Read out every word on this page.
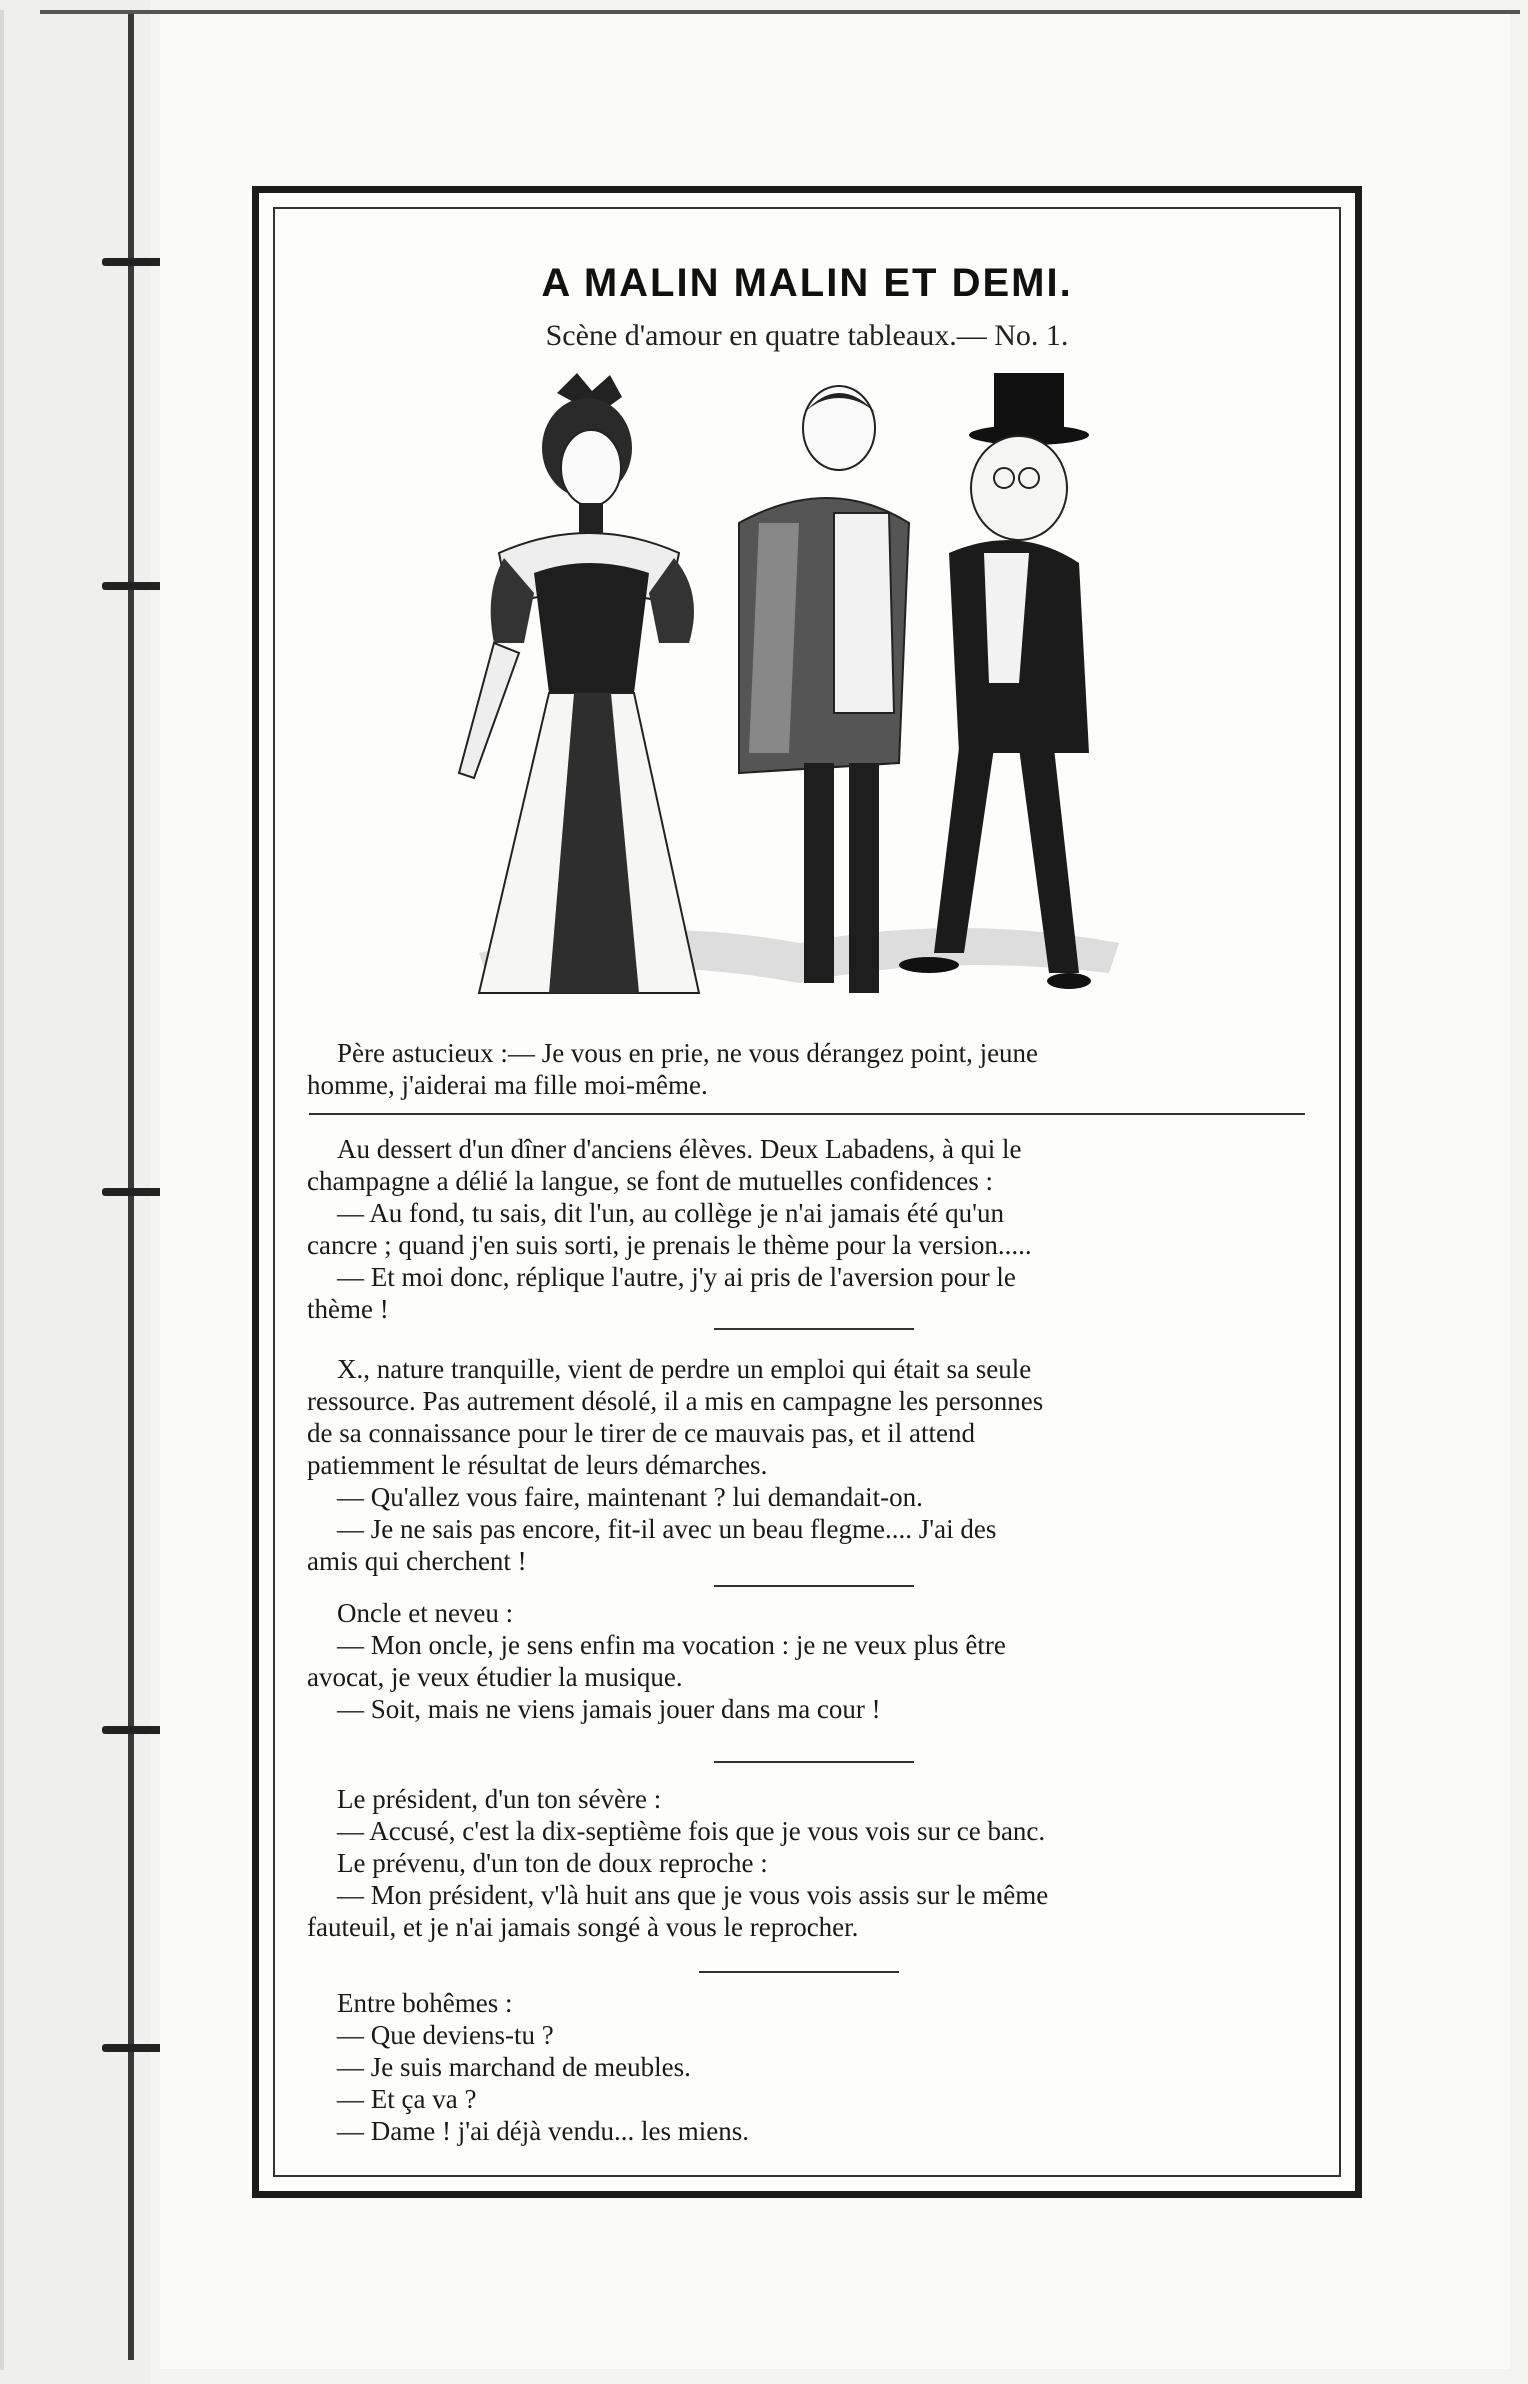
A MALIN MALIN ET DEMI.
Scène d'amour en quatre tableaux.— No. 1.

Père astucieux :— Je vous en prie, ne vous dérangez point, jeune

homme, j'aiderai ma fille moi-même.

Au dessert d'un dîner d'anciens élèves. Deux Labadens, à qui le

champagne a délié la langue, se font de mutuelles confidences :

— Au fond, tu sais, dit l'un, au collège je n'ai jamais été qu'un

cancre ; quand j'en suis sorti, je prenais le thème pour la version.....

— Et moi donc, réplique l'autre, j'y ai pris de l'aversion pour le

thème !

X., nature tranquille, vient de perdre un emploi qui était sa seule

ressource. Pas autrement désolé, il a mis en campagne les personnes

de sa connaissance pour le tirer de ce mauvais pas, et il attend

patiemment le résultat de leurs démarches.

— Qu'allez vous faire, maintenant ? lui demandait-on.

— Je ne sais pas encore, fit-il avec un beau flegme.... J'ai des

amis qui cherchent !

Oncle et neveu :

— Mon oncle, je sens enfin ma vocation : je ne veux plus être

avocat, je veux étudier la musique.

— Soit, mais ne viens jamais jouer dans ma cour !

Le président, d'un ton sévère :

— Accusé, c'est la dix-septième fois que je vous vois sur ce banc.

Le prévenu, d'un ton de doux reproche :

— Mon président, v'là huit ans que je vous vois assis sur le même

fauteuil, et je n'ai jamais songé à vous le reprocher.

Entre bohêmes :

— Que deviens-tu ?

— Je suis marchand de meubles.

— Et ça va ?

— Dame ! j'ai déjà vendu... les miens.
